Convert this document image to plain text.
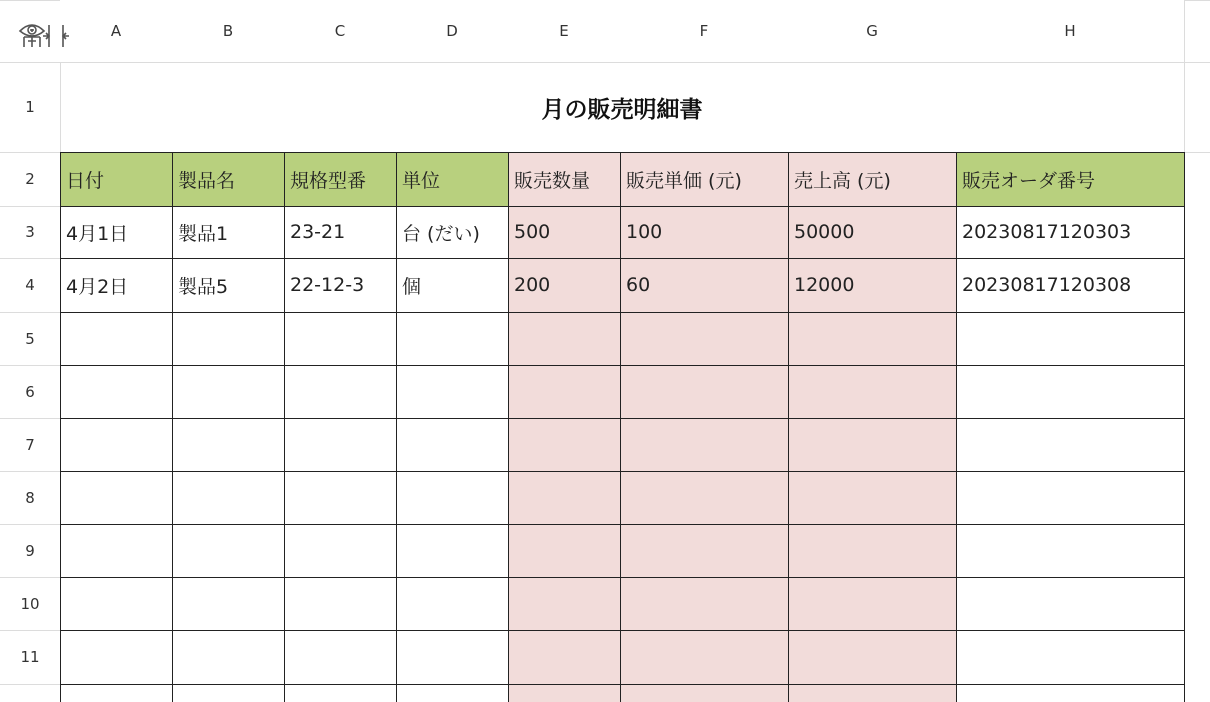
A	B	C	D	E	F	G	H
1
2
3
4
5
6
7
8
9
10
11
月の販売明細書
日付	製品名	規格型番	単位	販売数量	販売単価 (元)	売上高 (元)	販売オーダ番号
4月1日	製品1	23-21	台 (だい)	500	100	50000	20230817120303
4月2日	製品5	22-12-3	個	200	60	12000	20230817120308
